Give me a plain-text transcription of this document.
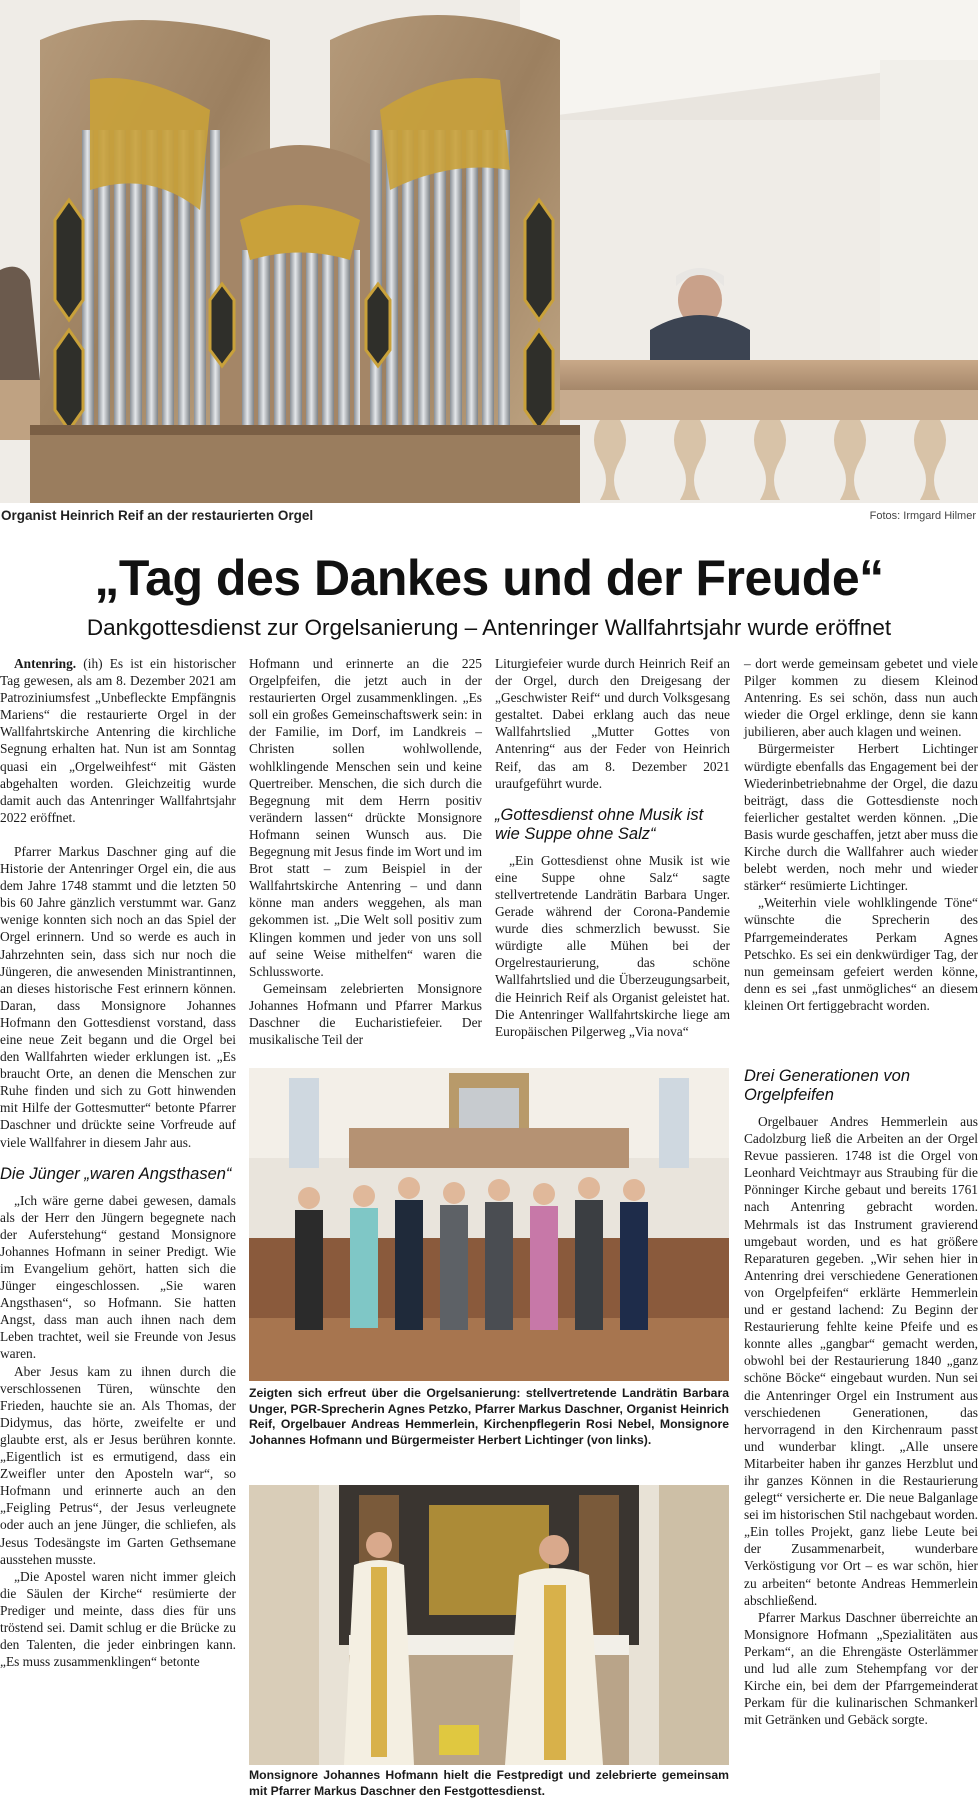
Organist Heinrich Reif an der restaurierten Orgel	Fotos: Irmgard Hilmer
„Tag des Dankes und der Freude“
Dankgottesdienst zur Orgelsanierung – Antenringer Wallfahrtsjahr wurde eröffnet

Antenring. (ih) Es ist ein historischer Tag gewesen, als am 8. Dezember 2021 am Patroziniumsfest „Unbefleckte Empfängnis Mariens“ die restaurierte Orgel in der Wallfahrtskirche Antenring die kirchliche Segnung erhalten hat. Nun ist am Sonntag quasi ein „Orgelweihfest“ mit Gästen abgehalten worden. Gleichzeitig wurde damit auch das Antenringer Wallfahrtsjahr 2022 eröffnet.

Pfarrer Markus Daschner ging auf die Historie der Antenringer Orgel ein, die aus dem Jahre 1748 stammt und die letzten 50 bis 60 Jahre gänzlich verstummt war. Ganz wenige konnten sich noch an das Spiel der Orgel erinnern. Und so werde es auch in Jahrzehnten sein, dass sich nur noch die Jüngeren, die anwesenden Ministrantinnen, an dieses historische Fest erinnern können. Daran, dass Monsignore Johannes Hofmann den Gottesdienst vorstand, dass eine neue Zeit begann und die Orgel bei den Wallfahrten wieder erklungen ist. „Es braucht Orte, an denen die Menschen zur Ruhe finden und sich zu Gott hinwenden mit Hilfe der Gottesmutter“ betonte Pfarrer Daschner und drückte seine Vorfreude auf viele Wallfahrer in diesem Jahr aus.

Die Jünger „waren Angsthasen“

„Ich wäre gerne dabei gewesen, damals als der Herr den Jüngern begegnete nach der Auferstehung“ gestand Monsignore Johannes Hofmann in seiner Predigt. Wie im Evangelium gehört, hatten sich die Jünger eingeschlossen. „Sie waren Angsthasen“, so Hofmann. Sie hatten Angst, dass man auch ihnen nach dem Leben trachtet, weil sie Freunde von Jesus waren.

Aber Jesus kam zu ihnen durch die verschlossenen Türen, wünschte den Frieden, hauchte sie an. Als Thomas, der Didymus, das hörte, zweifelte er und glaubte erst, als er Jesus berühren konnte. „Eigentlich ist es ermutigend, dass ein Zweifler unter den Aposteln war“, so Hofmann und erinnerte auch an den „Feigling Petrus“, der Jesus verleugnete oder auch an jene Jünger, die schliefen, als Jesus Todesängste im Garten Gethsemane ausstehen musste.

„Die Apostel waren nicht immer gleich die Säulen der Kirche“ resümierte der Prediger und meinte, dass dies für uns tröstend sei. Damit schlug er die Brücke zu den Talenten, die jeder einbringen kann. „Es muss zusammenklingen“ betonte

Hofmann und erinnerte an die 225 Orgelpfeifen, die jetzt auch in der restaurierten Orgel zusammenklingen. „Es soll ein großes Gemeinschaftswerk sein: in der Familie, im Dorf, im Landkreis – Christen sollen wohlwollende, wohlklingende Menschen sein und keine Quertreiber. Menschen, die sich durch die Begegnung mit dem Herrn positiv verändern lassen“ drückte Monsignore Hofmann seinen Wunsch aus. Die Begegnung mit Jesus finde im Wort und im Brot statt – zum Beispiel in der Wallfahrtskirche Antenring – und dann könne man anders weggehen, als man gekommen ist. „Die Welt soll positiv zum Klingen kommen und jeder von uns soll auf seine Weise mithelfen“ waren die Schlussworte.

Gemeinsam zelebrierten Monsignore Johannes Hofmann und Pfarrer Markus Daschner die Eucharistiefeier. Der musikalische Teil der

Liturgiefeier wurde durch Heinrich Reif an der Orgel, durch den Dreigesang der „Geschwister Reif“ und durch Volksgesang gestaltet. Dabei erklang auch das neue Wallfahrtslied „Mutter Gottes von Antenring“ aus der Feder von Heinrich Reif, das am 8. Dezember 2021 uraufgeführt wurde.

„Gottesdienst ohne Musik ist wie Suppe ohne Salz“

„Ein Gottesdienst ohne Musik ist wie eine Suppe ohne Salz“ sagte stellvertretende Landrätin Barbara Unger. Gerade während der Corona-Pandemie wurde dies schmerzlich bewusst. Sie würdigte alle Mühen bei der Orgelrestaurierung, das schöne Wallfahrtslied und die Überzeugungsarbeit, die Heinrich Reif als Organist geleistet hat. Die Antenringer Wallfahrtskirche liege am Europäischen Pilgerweg „Via nova“

– dort werde gemeinsam gebetet und viele Pilger kommen zu diesem Kleinod Antenring. Es sei schön, dass nun auch wieder die Orgel erklinge, denn sie kann jubilieren, aber auch klagen und weinen.

Bürgermeister Herbert Lichtinger würdigte ebenfalls das Engagement bei der Wiederinbetriebnahme der Orgel, die dazu beiträgt, dass die Gottesdienste noch feierlicher gestaltet werden können. „Die Basis wurde geschaffen, jetzt aber muss die Kirche durch die Wallfahrer auch wieder belebt werden, noch mehr und wieder stärker“ resümierte Lichtinger.

„Weiterhin viele wohlklingende Töne“ wünschte die Sprecherin des Pfarrgemeinderates Perkam Agnes Petschko. Es sei ein denkwürdiger Tag, der nun gemeinsam gefeiert werden könne, denn es sei „fast unmögliches“ an diesem kleinen Ort fertiggebracht worden.

Drei Generationen von Orgelpfeifen

Orgelbauer Andres Hemmerlein aus Cadolzburg ließ die Arbeiten an der Orgel Revue passieren. 1748 ist die Orgel von Leonhard Veichtmayr aus Straubing für die Pönninger Kirche gebaut und bereits 1761 nach Antenring gebracht worden. Mehrmals ist das Instrument gravierend umgebaut worden, und es hat größere Reparaturen gegeben. „Wir sehen hier in Antenring drei verschiedene Generationen von Orgelpfeifen“ erklärte Hemmerlein und er gestand lachend: Zu Beginn der Restaurierung fehlte keine Pfeife und es konnte alles „gangbar“ gemacht werden, obwohl bei der Restaurierung 1840 „ganz schöne Böcke“ eingebaut wurden. Nun sei die Antenringer Orgel ein Instrument aus verschiedenen Generationen, das hervorragend in den Kirchenraum passt und wunderbar klingt. „Alle unsere Mitarbeiter haben ihr ganzes Herzblut und ihr ganzes Können in die Restaurierung gelegt“ versicherte er. Die neue Balganlage sei im historischen Stil nachgebaut worden. „Ein tolles Projekt, ganz liebe Leute bei der Zusammenarbeit, wunderbare Verköstigung vor Ort – es war schön, hier zu arbeiten“ betonte Andreas Hemmerlein abschließend.

Pfarrer Markus Daschner überreichte an Monsignore Hofmann „Spezialitäten aus Perkam“, an die Ehrengäste Osterlämmer und lud alle zum Stehempfang vor der Kirche ein, bei dem der Pfarrgemeinderat Perkam für die kulinarischen Schmankerl mit Getränken und Gebäck sorgte.

Zeigten sich erfreut über die Orgelsanierung: stellvertretende Landrätin Barbara Unger, PGR-Sprecherin Agnes Petzko, Pfarrer Markus Daschner, Organist Heinrich Reif, Orgelbauer Andreas Hemmerlein, Kirchenpflegerin Rosi Nebel, Monsignore Johannes Hofmann und Bürgermeister Herbert Lichtinger (von links).
Monsignore Johannes Hofmann hielt die Festpredigt und zelebrierte gemeinsam mit Pfarrer Markus Daschner den Festgottesdienst.
